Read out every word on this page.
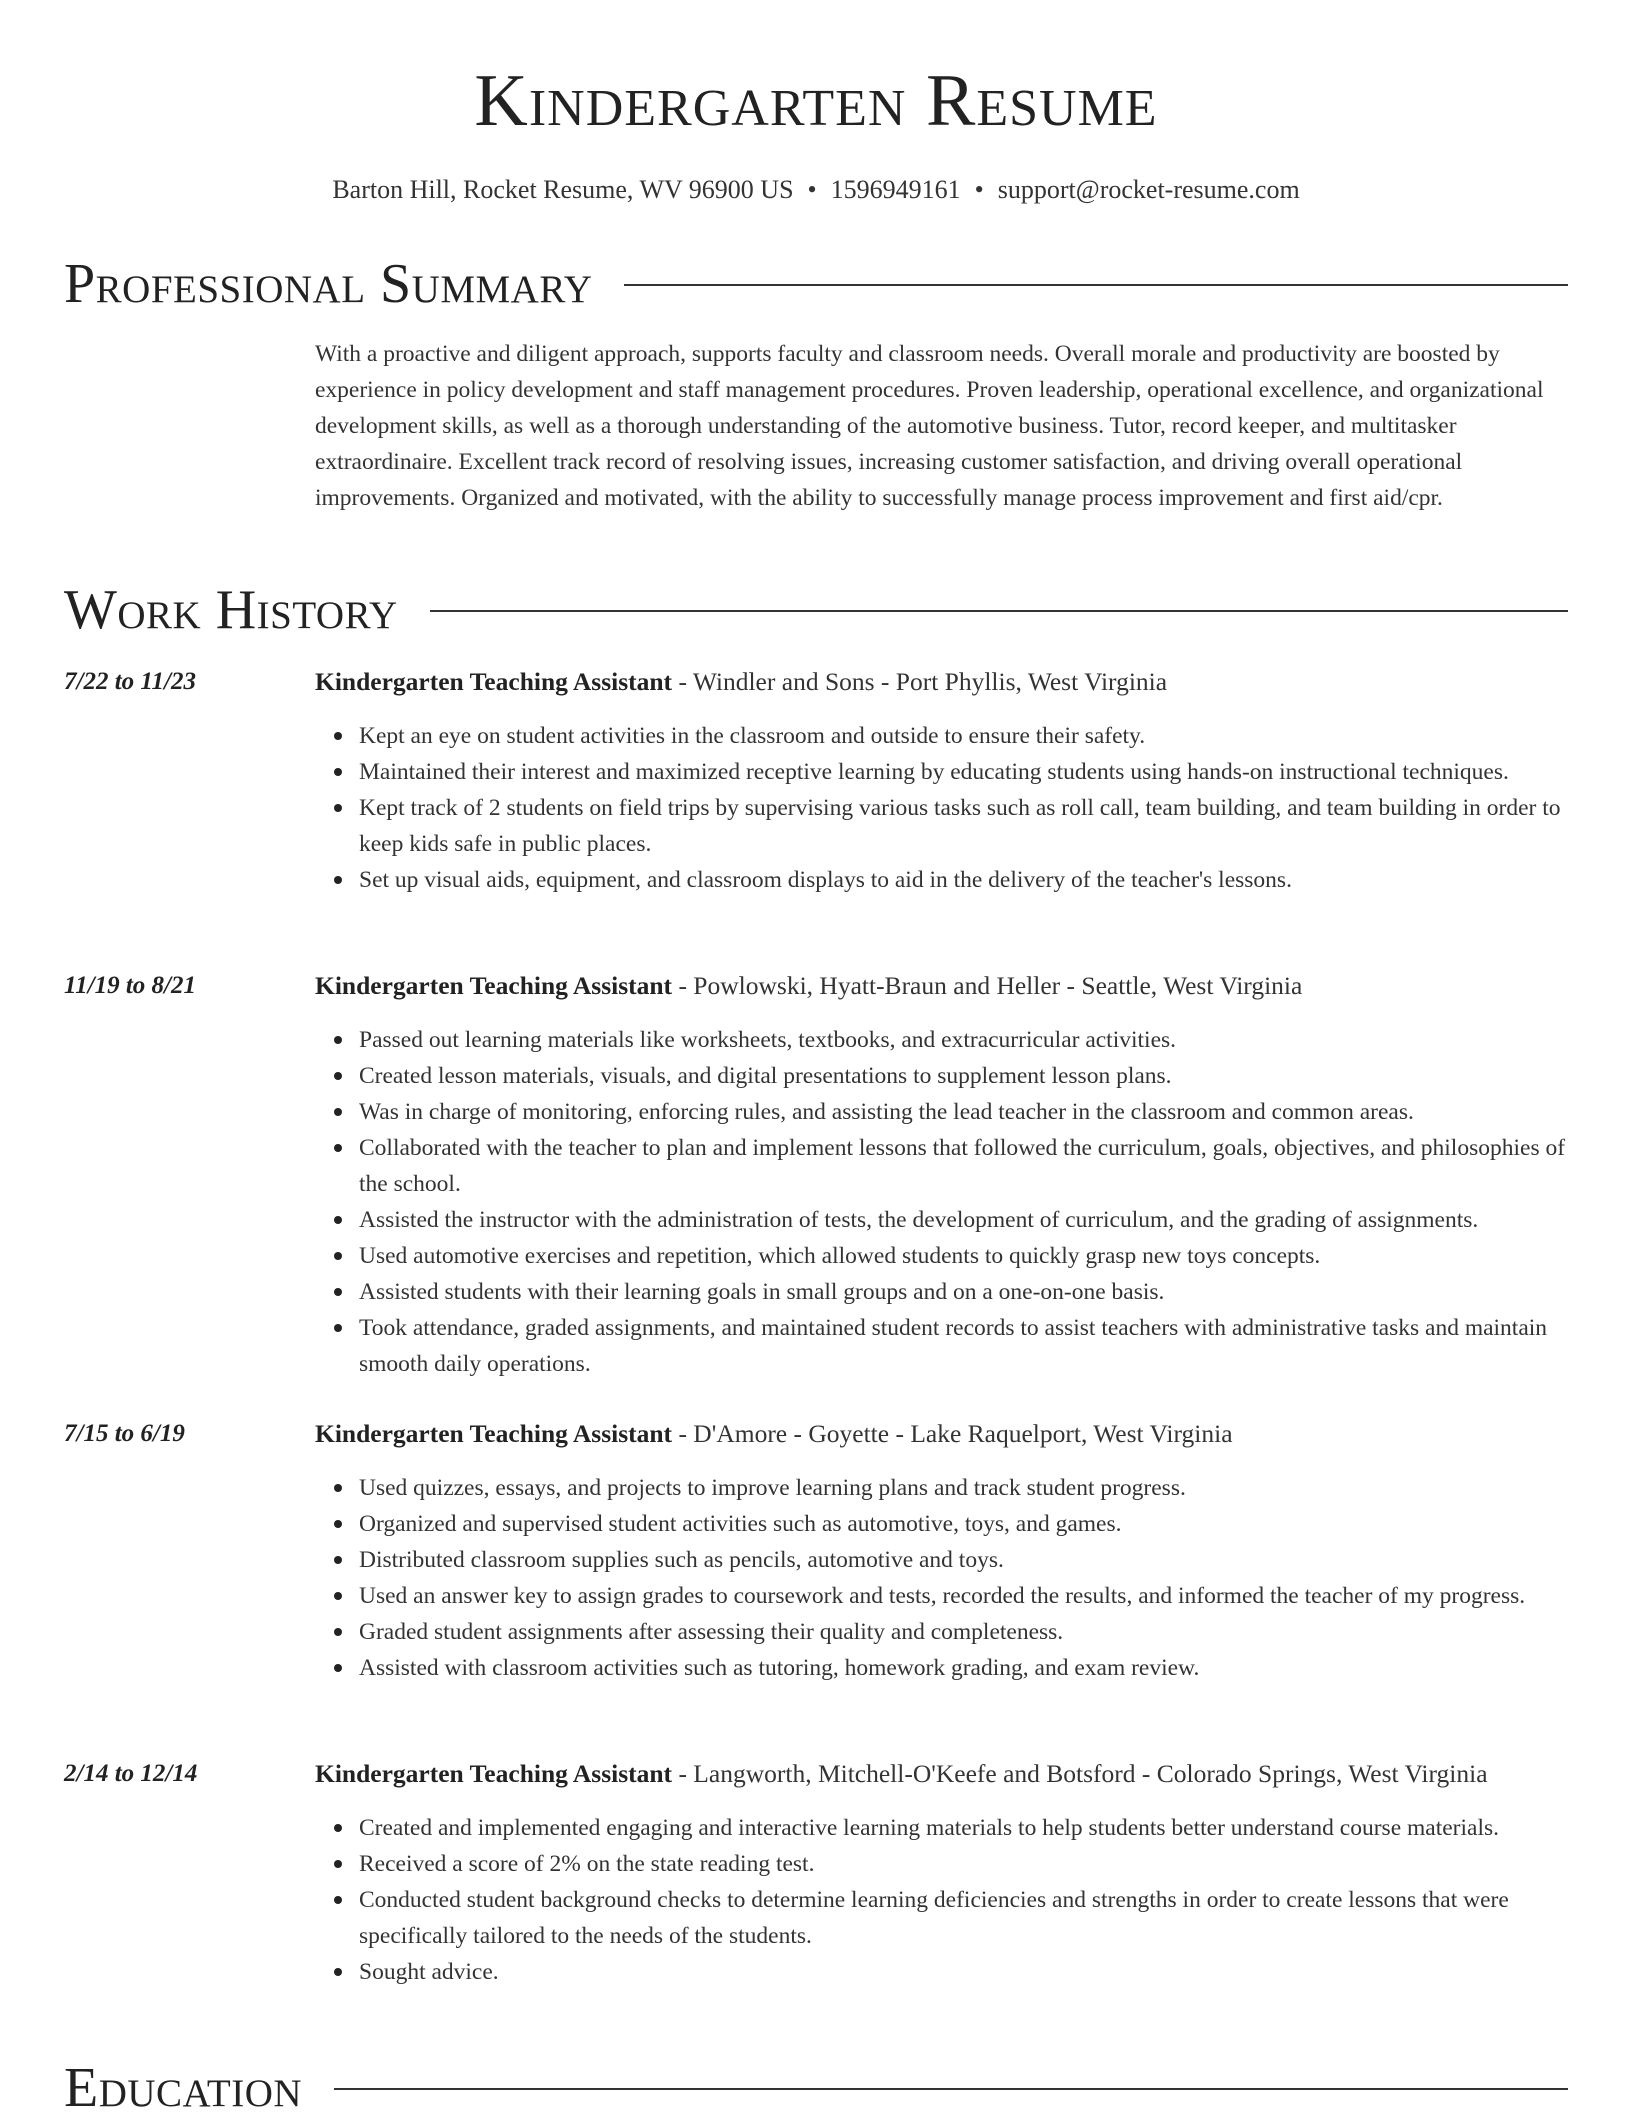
Kindergarten Resume
Barton Hill, Rocket Resume, WV 96900 US • 1596949161 • support@rocket-resume.com
Professional Summary

With a proactive and diligent approach, supports faculty and classroom needs. Overall morale and productivity are boosted by experience in policy development and staff management procedures. Proven leadership, operational excellence, and organizational development skills, as well as a thorough understanding of the automotive business. Tutor, record keeper, and multitasker extraordinaire. Excellent track record of resolving issues, increasing customer satisfaction, and driving overall operational improvements. Organized and motivated, with the ability to successfully manage process improvement and first aid/cpr.

Work History
7/22 to 11/23	Kindergarten Teaching Assistant - Windler and Sons - Port Phyllis, West Virginia
Kept an eye on student activities in the classroom and outside to ensure their safety.
Maintained their interest and maximized receptive learning by educating students using hands-on instructional techniques.
Kept track of 2 students on field trips by supervising various tasks such as roll call, team building, and team building in order to keep kids safe in public places.
Set up visual aids, equipment, and classroom displays to aid in the delivery of the teacher's lessons.
11/19 to 8/21	Kindergarten Teaching Assistant - Powlowski, Hyatt-Braun and Heller - Seattle, West Virginia
Passed out learning materials like worksheets, textbooks, and extracurricular activities.
Created lesson materials, visuals, and digital presentations to supplement lesson plans.
Was in charge of monitoring, enforcing rules, and assisting the lead teacher in the classroom and common areas.
Collaborated with the teacher to plan and implement lessons that followed the curriculum, goals, objectives, and philosophies of the school.
Assisted the instructor with the administration of tests, the development of curriculum, and the grading of assignments.
Used automotive exercises and repetition, which allowed students to quickly grasp new toys concepts.
Assisted students with their learning goals in small groups and on a one-on-one basis.
Took attendance, graded assignments, and maintained student records to assist teachers with administrative tasks and maintain smooth daily operations.
7/15 to 6/19	Kindergarten Teaching Assistant - D'Amore - Goyette - Lake Raquelport, West Virginia
Used quizzes, essays, and projects to improve learning plans and track student progress.
Organized and supervised student activities such as automotive, toys, and games.
Distributed classroom supplies such as pencils, automotive and toys.
Used an answer key to assign grades to coursework and tests, recorded the results, and informed the teacher of my progress.
Graded student assignments after assessing their quality and completeness.
Assisted with classroom activities such as tutoring, homework grading, and exam review.
2/14 to 12/14	Kindergarten Teaching Assistant - Langworth, Mitchell-O'Keefe and Botsford - Colorado Springs, West Virginia
Created and implemented engaging and interactive learning materials to help students better understand course materials.
Received a score of 2% on the state reading test.
Conducted student background checks to determine learning deficiencies and strengths in order to create lessons that were specifically tailored to the needs of the students.
Sought advice.
Education
